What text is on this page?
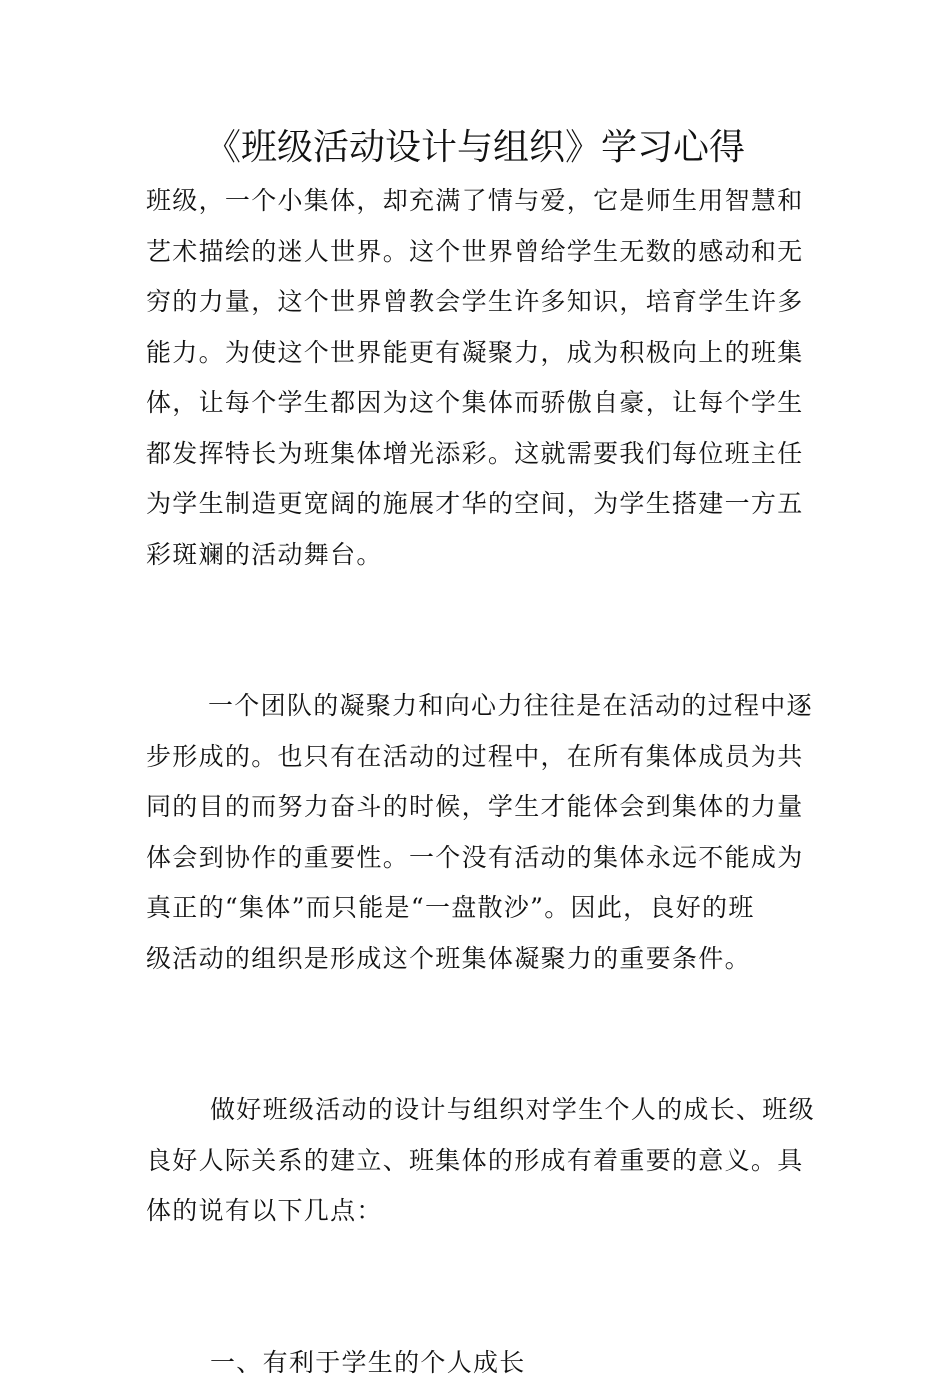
《班级活动设计与组织》学习心得
班级，一个小集体，却充满了情与爱，它是师生用智慧和
艺术描绘的迷人世界。这个世界曾给学生无数的感动和无
穷的力量，这个世界曾教会学生许多知识，培育学生许多
能力。为使这个世界能更有凝聚力，成为积极向上的班集
体，让每个学生都因为这个集体而骄傲自豪，让每个学生
都发挥特长为班集体增光添彩。这就需要我们每位班主任
为学生制造更宽阔的施展才华的空间，为学生搭建一方五
彩斑斓的活动舞台。
一个团队的凝聚力和向心力往往是在活动的过程中逐
步形成的。也只有在活动的过程中，在所有集体成员为共
同的目的而努力奋斗的时候，学生才能体会到集体的力量
体会到协作的重要性。一个没有活动的集体永远不能成为
真正的“集体”而只能是“一盘散沙”。因此，良好的班
级活动的组织是形成这个班集体凝聚力的重要条件。
做好班级活动的设计与组织对学生个人的成长、班级
良好人际关系的建立、班集体的形成有着重要的意义。具
体的说有以下几点：
一、有利于学生的个人成长
